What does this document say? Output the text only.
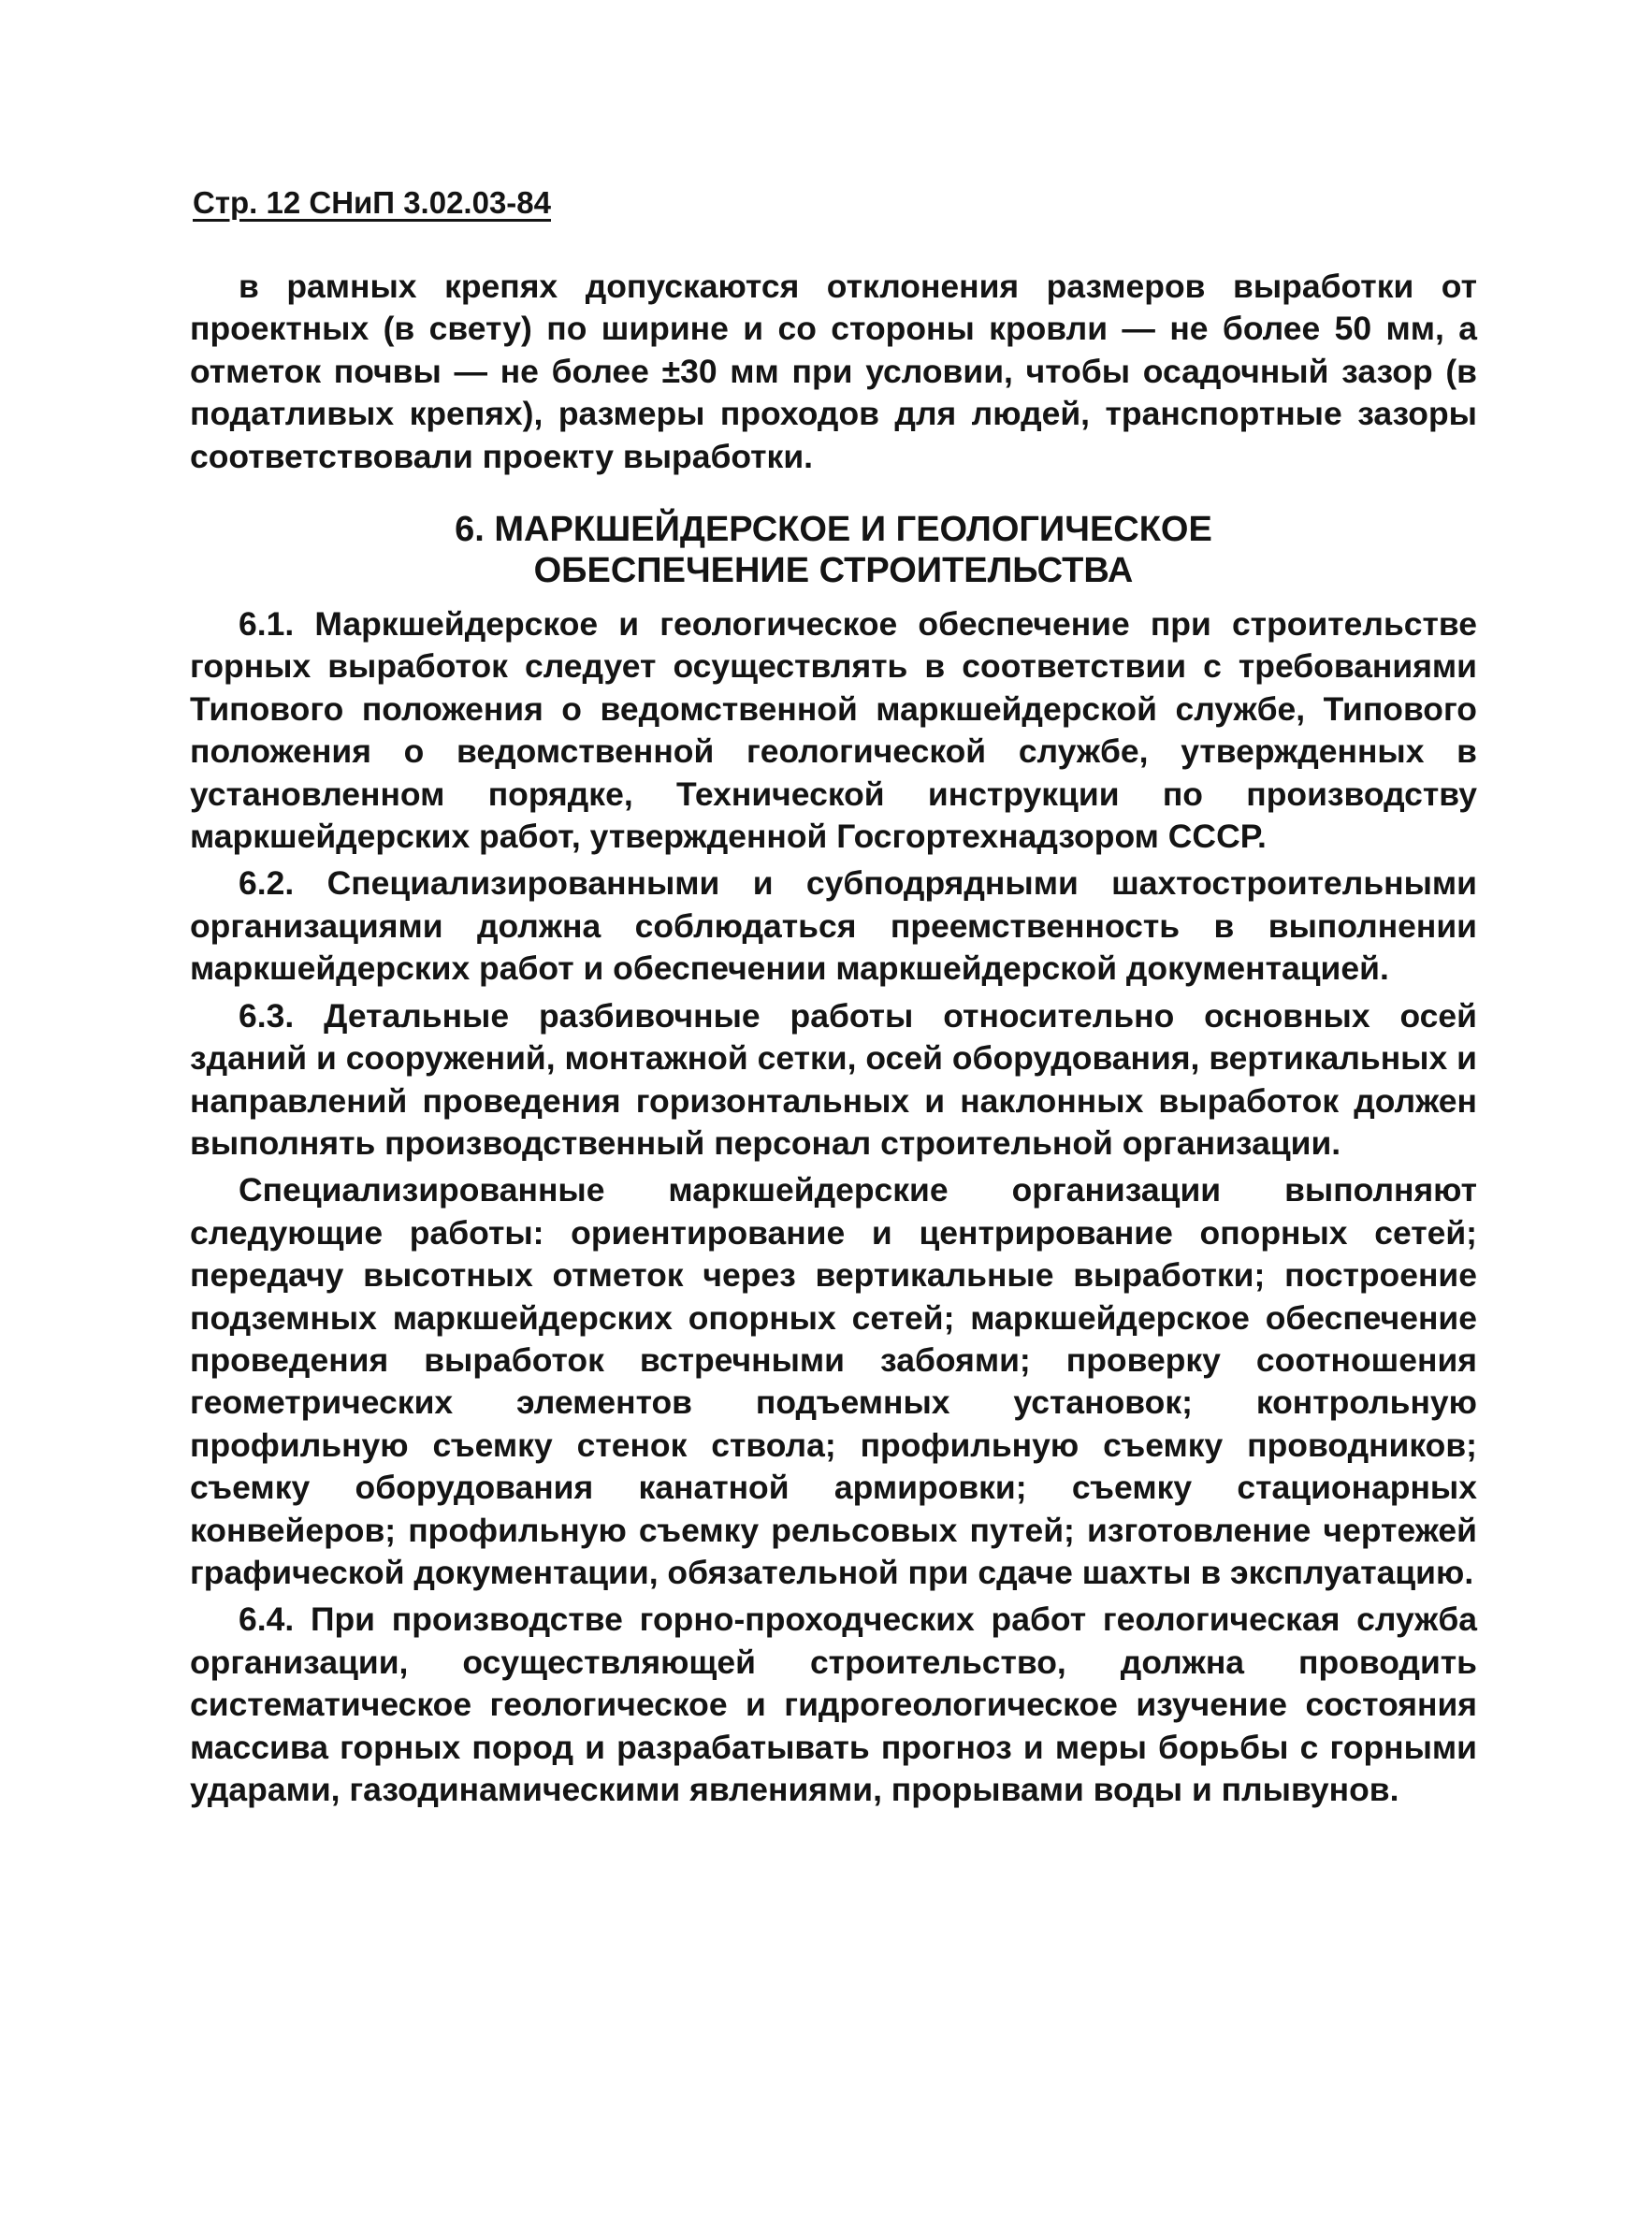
Стр. 12 СНиП 3.02.03-84

в рамных крепях допускаются отклонения размеров выработки от проектных (в свету) по ширине и со стороны кровли — не более 50 мм, а отметок почвы — не более ±30 мм при условии, чтобы осадочный зазор (в податливых крепях), размеры проходов для людей, транспортные зазоры соответствовали проекту выработки.

6. МАРКШЕЙДЕРСКОЕ И ГЕОЛОГИЧЕСКОЕ
ОБЕСПЕЧЕНИЕ СТРОИТЕЛЬСТВА

6.1. Маркшейдерское и геологическое обеспечение при строительстве горных выработок следует осуществлять в соответствии с требованиями Типового положения о ведомственной маркшейдерской службе, Типового положения о ведомственной геологической службе, утвержденных в установленном порядке, Технической инструкции по производству маркшейдерских работ, утвержденной Госгортехнадзором СССР.

6.2. Специализированными и субподрядными шахтостроительными организациями должна соблюдаться преемственность в выполнении маркшейдерских работ и обеспечении маркшейдерской документацией.

6.3. Детальные разбивочные работы относительно основных осей зданий и сооружений, монтажной сетки, осей оборудования, вертикальных и направлений проведения горизонтальных и наклонных выработок должен выполнять производственный персонал строительной организации.

Специализированные маркшейдерские организации выполняют следующие работы: ориентирование и центрирование опорных сетей; передачу высотных отметок через вертикальные выработки; построение подземных маркшейдерских опорных сетей; маркшейдерское обеспечение проведения выработок встречными забоями; проверку соотношения геометрических элементов подъемных установок; контрольную профильную съемку стенок ствола; профильную съемку проводников; съемку оборудования канатной армировки; съемку стационарных конвейеров; профильную съемку рельсовых путей; изготовление чертежей графической документации, обязательной при сдаче шахты в эксплуатацию.

6.4. При производстве горно-проходческих работ геологическая служба организации, осуществляющей строительство, должна проводить систематическое геологическое и гидрогеологическое изучение состояния массива горных пород и разрабатывать прогноз и меры борьбы с горными ударами, газодинамическими явлениями, прорывами воды и плывунов.
